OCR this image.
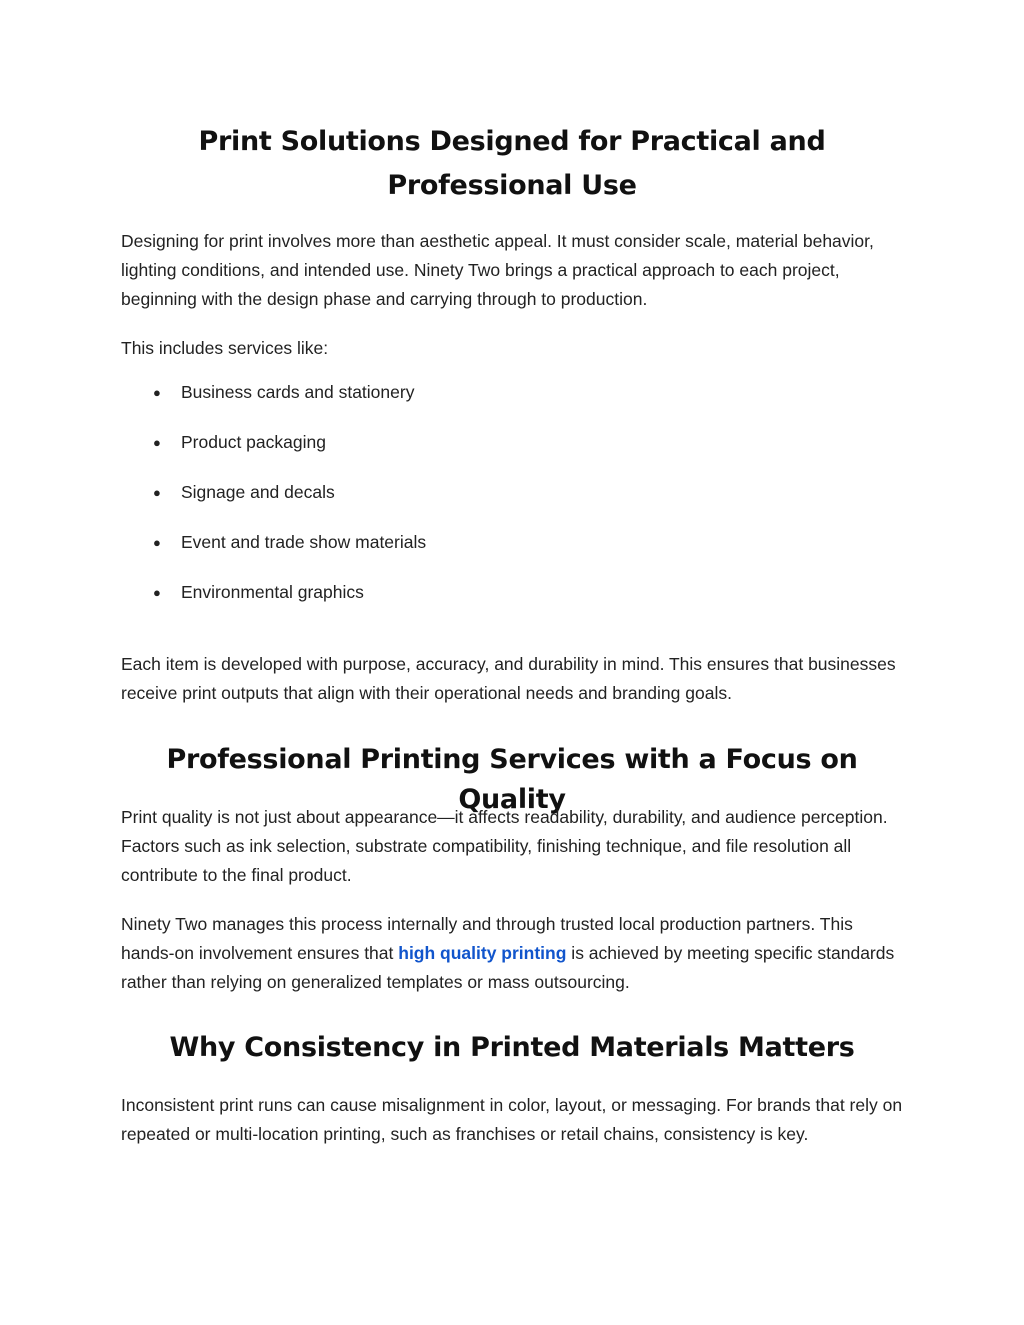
Print Solutions Designed for Practical and Professional Use

Designing for print involves more than aesthetic appeal. It must consider scale, material behavior, lighting conditions, and intended use. Ninety Two brings a practical approach to each project, beginning with the design phase and carrying through to production.

This includes services like:

● Business cards and stationery
● Product packaging
● Signage and decals
● Event and trade show materials
● Environmental graphics

Each item is developed with purpose, accuracy, and durability in mind. This ensures that businesses receive print outputs that align with their operational needs and branding goals.

Professional Printing Services with a Focus on Quality

Print quality is not just about appearance—it affects readability, durability, and audience perception. Factors such as ink selection, substrate compatibility, finishing technique, and file resolution all contribute to the final product.

Ninety Two manages this process internally and through trusted local production partners. This hands-on involvement ensures that high quality printing is achieved by meeting specific standards rather than relying on generalized templates or mass outsourcing.

Why Consistency in Printed Materials Matters

Inconsistent print runs can cause misalignment in color, layout, or messaging. For brands that rely on repeated or multi-location printing, such as franchises or retail chains, consistency is key.
